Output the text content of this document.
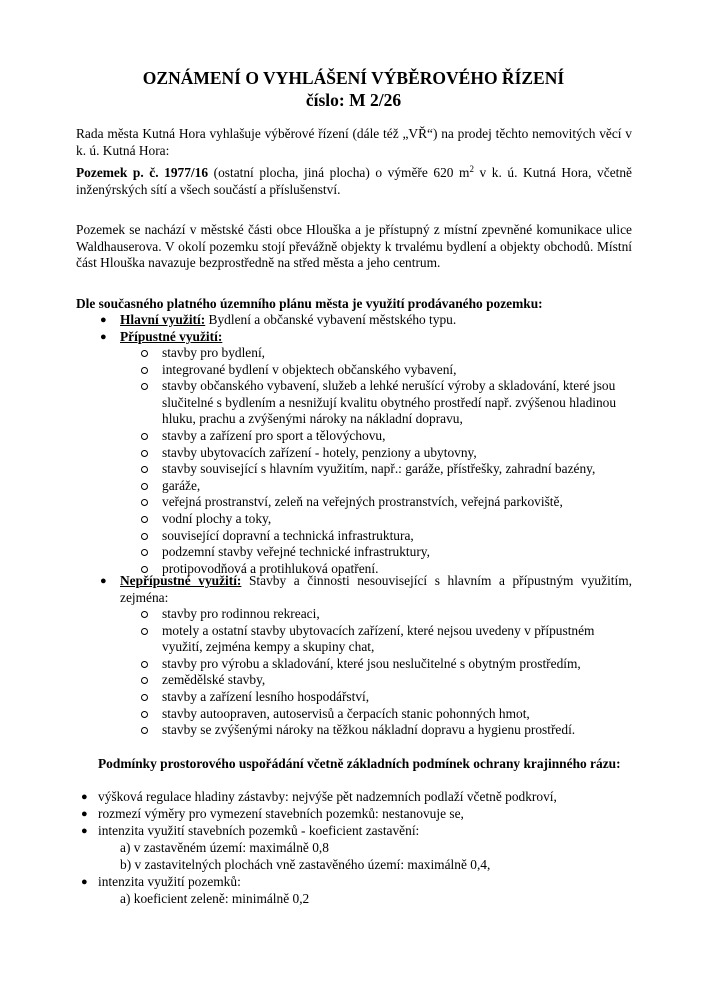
OZNÁMENÍ O VYHLÁŠENÍ VÝBĚROVÉHO ŘÍZENÍ
číslo: M 2/26

Rada města Kutná Hora vyhlašuje výběrové řízení (dále též „VŘ“) na prodej těchto nemovitých věcí v k. ú. Kutná Hora:

Pozemek p. č. 1977/16 (ostatní plocha, jiná plocha) o výměře 620 $m^2$ v k. ú. Kutná Hora, včetně inženýrských sítí a všech součástí a příslušenství.

Pozemek se nachází v městské části obce Hlouška a je přístupný z místní zpevněné komunikace ulice Waldhauserova. V okolí pozemku stojí převážně objekty k trvalému bydlení a objekty obchodů. Místní část Hlouška navazuje bezprostředně na střed města a jeho centrum.

Dle současného platného územního plánu města je využití prodávaného pozemku:
● Hlavní využití: Bydlení a občanské vybavení městského typu.
● Přípustné využití:
stavby pro bydlení,
integrované bydlení v objektech občanského vybavení,
stavby občanského vybavení, služeb a lehké nerušící výroby a skladování, které jsou slučitelné s bydlením a nesnižují kvalitu obytného prostředí např. zvýšenou hladinou hluku, prachu a zvýšenými nároky na nákladní dopravu,
stavby a zařízení pro sport a tělovýchovu,
stavby ubytovacích zařízení - hotely, penziony a ubytovny,
stavby související s hlavním využitím, např.: garáže, přístřešky, zahradní bazény,
garáže,
veřejná prostranství, zeleň na veřejných prostranstvích, veřejná parkoviště,
vodní plochy a toky,
související dopravní a technická infrastruktura,
podzemní stavby veřejné technické infrastruktury,
protipovodňová a protihluková opatření.
● Nepřípustné využití: Stavby a činnosti nesouvisející s hlavním a přípustným využitím, zejména:
stavby pro rodinnou rekreaci,
motely a ostatní stavby ubytovacích zařízení, které nejsou uvedeny v přípustném využití, zejména kempy a skupiny chat,
stavby pro výrobu a skladování, které jsou neslučitelné s obytným prostředím,
zemědělské stavby,
stavby a zařízení lesního hospodářství,
stavby autoopraven, autoservisů a čerpacích stanic pohonných hmot,
stavby se zvýšenými nároky na těžkou nákladní dopravu a hygienu prostředí.
Podmínky prostorového uspořádání včetně základních podmínek ochrany krajinného rázu:
● výšková regulace hladiny zástavby: nejvýše pět nadzemních podlaží včetně podkroví,
● rozmezí výměry pro vymezení stavebních pozemků: nestanovuje se,
● intenzita využití stavebních pozemků - koeficient zastavění:
a) v zastavěném území: maximálně 0,8
b) v zastavitelných plochách vně zastavěného území: maximálně 0,4,
● intenzita využití pozemků:
a) koeficient zeleně: minimálně 0,2
